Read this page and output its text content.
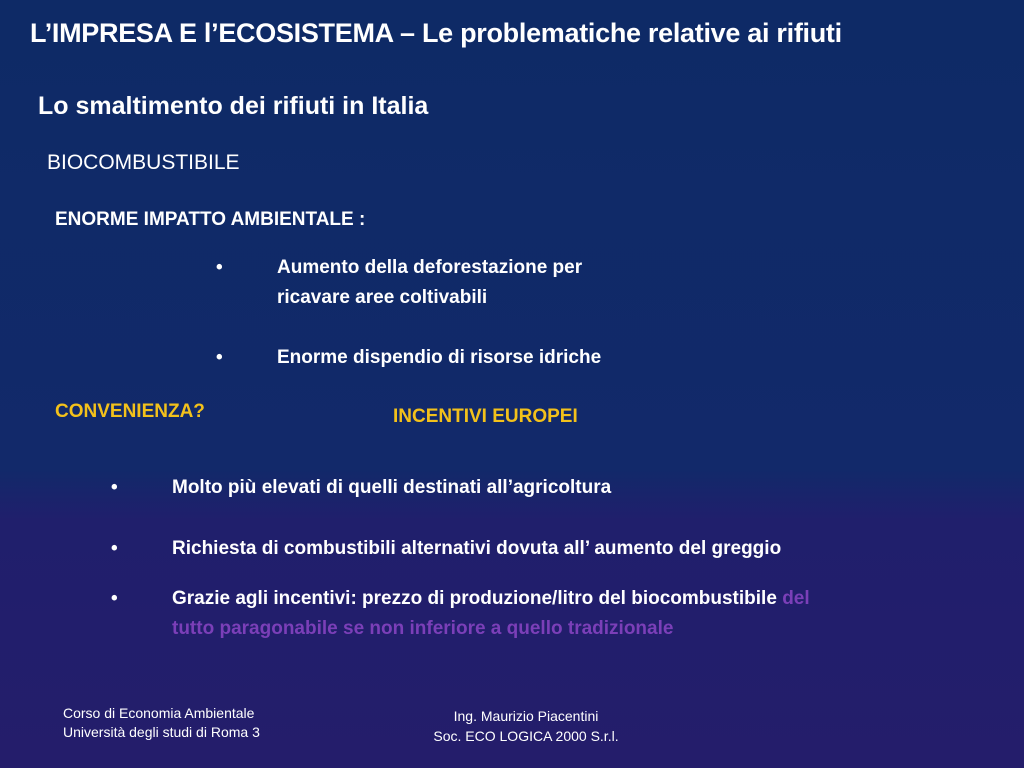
L’IMPRESA E l’ECOSISTEMA – Le problematiche relative ai rifiuti
Lo smaltimento dei rifiuti in Italia
BIOCOMBUSTIBILE
ENORME IMPATTO AMBIENTALE :
•	Aumento della deforestazione per
ricavare aree coltivabili
•	Enorme dispendio di risorse idriche
CONVENIENZA?	INCENTIVI EUROPEI
•	Molto più elevati di quelli destinati all’agricoltura
•	Richiesta di combustibili alternativi dovuta all’ aumento del greggio
•	Grazie agli incentivi: prezzo di produzione/litro del biocombustibile del
tutto paragonabile se non inferiore a quello tradizionale
Corso di Economia Ambientale
Università degli studi di Roma 3
Ing. Maurizio Piacentini
Soc. ECO LOGICA 2000 S.r.l.
